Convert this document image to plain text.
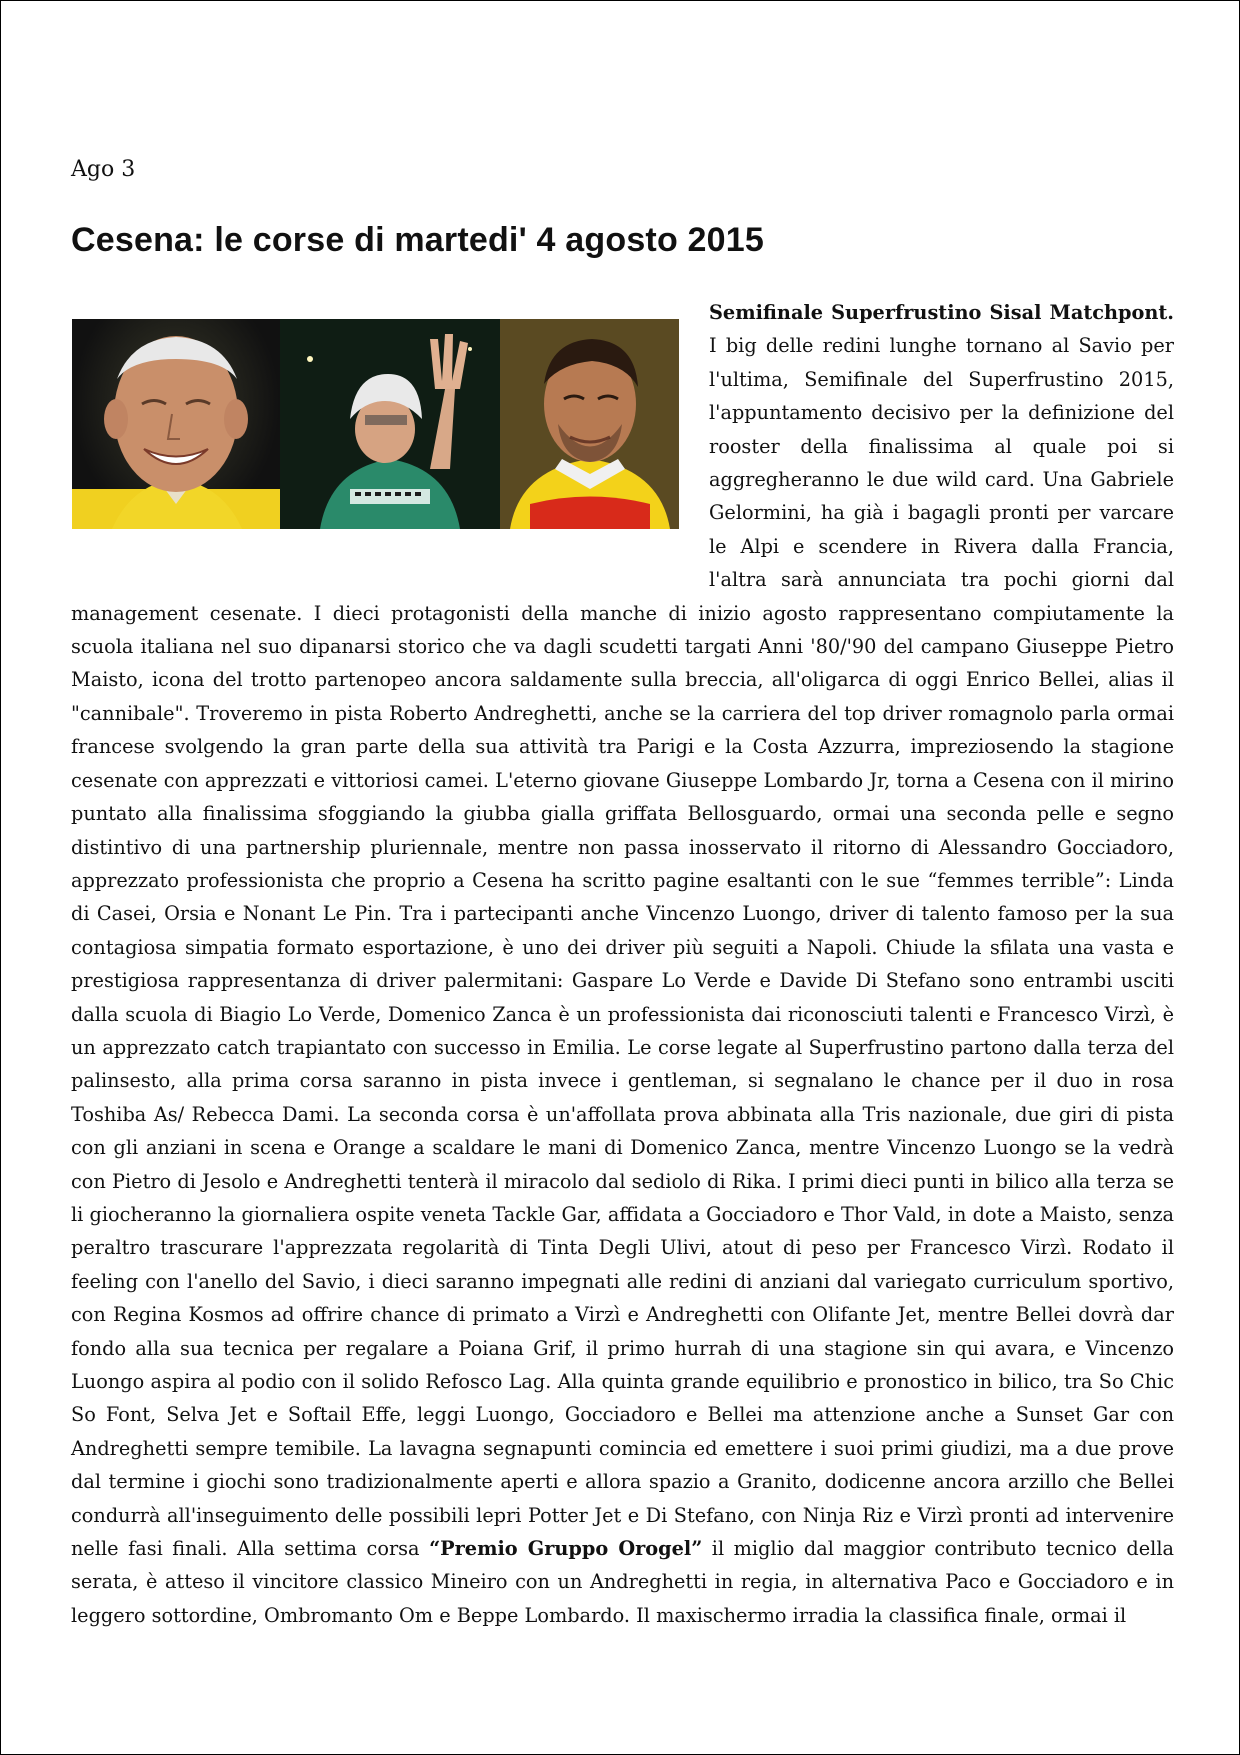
Ago 3
Cesena: le corse di martedi' 4 agosto 2015

Semifinale Superfrustino Sisal Matchpont. I big delle redini lunghe tornano al Savio per l'ultima, Semifinale del Superfrustino 2015, l'appuntamento decisivo per la definizione del rooster della finalissima al quale poi si aggregheranno le due wild card. Una Gabriele Gelormini, ha già i bagagli pronti per varcare le Alpi e scendere in Rivera dalla Francia, l'altra sarà annunciata tra pochi giorni dal management cesenate. I dieci protagonisti della manche di inizio agosto rappresentano compiutamente la scuola italiana nel suo dipanarsi storico che va dagli scudetti targati Anni '80/'90 del campano Giuseppe Pietro Maisto, icona del trotto partenopeo ancora saldamente sulla breccia, all'oligarca di oggi Enrico Bellei, alias il "cannibale". Troveremo in pista Roberto Andreghetti, anche se la carriera del top driver romagnolo parla ormai francese svolgendo la gran parte della sua attività tra Parigi e la Costa Azzurra, impreziosendo la stagione cesenate con apprezzati e vittoriosi camei. L'eterno giovane Giuseppe Lombardo Jr, torna a Cesena con il mirino puntato alla finalissima sfoggiando la giubba gialla griffata Bellosguardo, ormai una seconda pelle e segno distintivo di una partnership pluriennale, mentre non passa inosservato il ritorno di Alessandro Gocciadoro, apprezzato professionista che proprio a Cesena ha scritto pagine esaltanti con le sue “femmes terrible”: Linda di Casei, Orsia e Nonant Le Pin. Tra i partecipanti anche Vincenzo Luongo, driver di talento famoso per la sua contagiosa simpatia formato esportazione, è uno dei driver più seguiti a Napoli. Chiude la sfilata una vasta e prestigiosa rappresentanza di driver palermitani: Gaspare Lo Verde e Davide Di Stefano sono entrambi usciti dalla scuola di Biagio Lo Verde, Domenico Zanca è un professionista dai riconosciuti talenti e Francesco Virzì, è un apprezzato catch trapiantato con successo in Emilia. Le corse legate al Superfrustino partono dalla terza del palinsesto, alla prima corsa saranno in pista invece i gentleman, si segnalano le chance per il duo in rosa Toshiba As/ Rebecca Dami. La seconda corsa è un'affollata prova abbinata alla Tris nazionale, due giri di pista con gli anziani in scena e Orange a scaldare le mani di Domenico Zanca, mentre Vincenzo Luongo se la vedrà con Pietro di Jesolo e Andreghetti tenterà il miracolo dal sediolo di Rika. I primi dieci punti in bilico alla terza se li giocheranno la giornaliera ospite veneta Tackle Gar, affidata a Gocciadoro e Thor Vald, in dote a Maisto, senza peraltro trascurare l'apprezzata regolarità di Tinta Degli Ulivi, atout di peso per Francesco Virzì. Rodato il feeling con l'anello del Savio, i dieci saranno impegnati alle redini di anziani dal variegato curriculum sportivo, con Regina Kosmos ad offrire chance di primato a Virzì e Andreghetti con Olifante Jet, mentre Bellei dovrà dar fondo alla sua tecnica per regalare a Poiana Grif, il primo hurrah di una stagione sin qui avara, e Vincenzo Luongo aspira al podio con il solido Refosco Lag. Alla quinta grande equilibrio e pronostico in bilico, tra So Chic So Font, Selva Jet e Softail Effe, leggi Luongo, Gocciadoro e Bellei ma attenzione anche a Sunset Gar con Andreghetti sempre temibile. La lavagna segnapunti comincia ed emettere i suoi primi giudizi, ma a due prove dal termine i giochi sono tradizionalmente aperti e allora spazio a Granito, dodicenne ancora arzillo che Bellei condurrà all'inseguimento delle possibili lepri Potter Jet e Di Stefano, con Ninja Riz e Virzì pronti ad intervenire nelle fasi finali. Alla settima corsa “Premio Gruppo Orogel” il miglio dal maggior contributo tecnico della serata, è atteso il vincitore classico Mineiro con un Andreghetti in regia, in alternativa Paco e Gocciadoro e in leggero sottordine, Ombromanto Om e Beppe Lombardo. Il maxischermo irradia la classifica finale, ormai il
